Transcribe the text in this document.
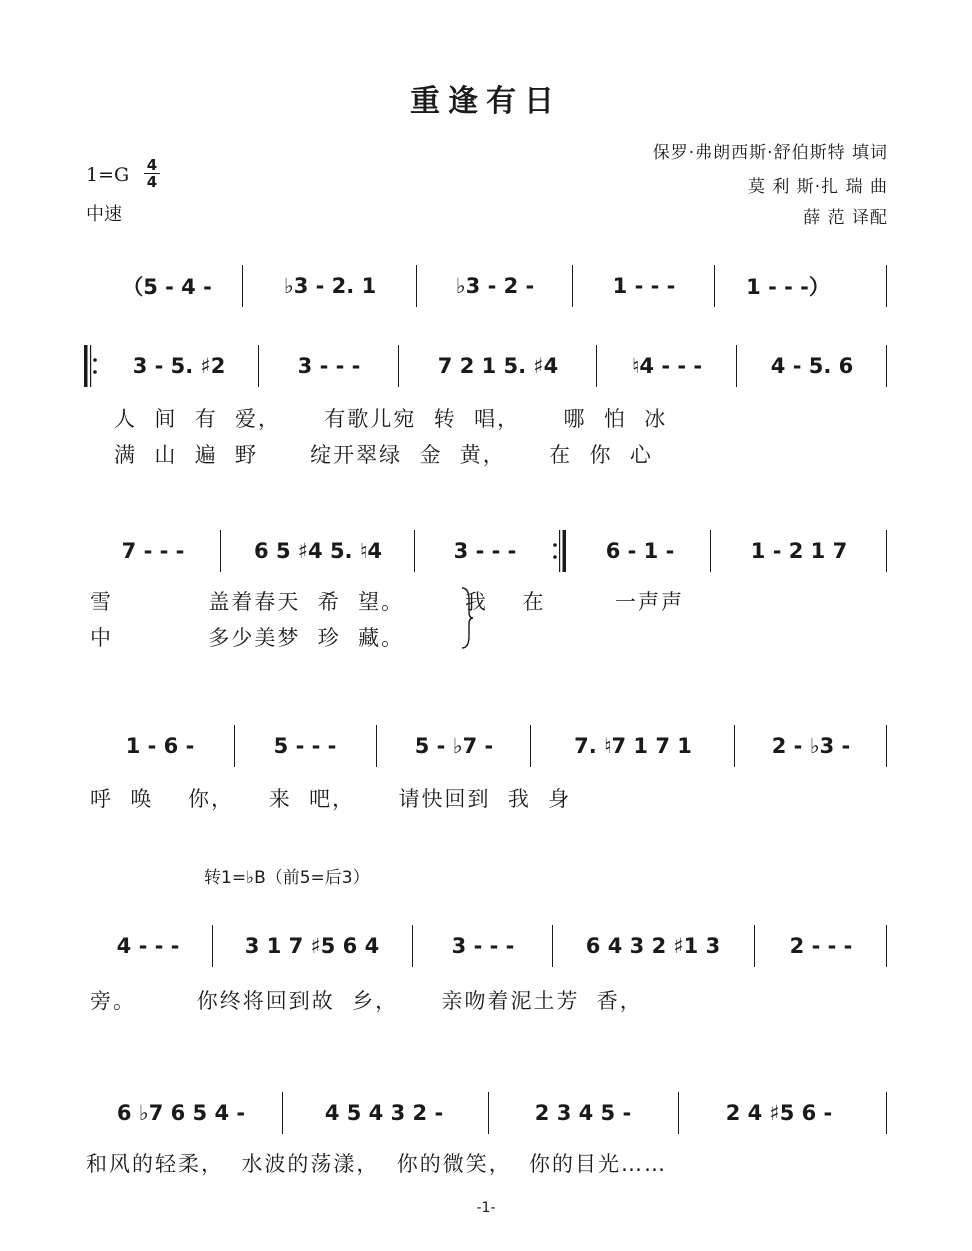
重逢有日
1=G	4
4
中速
保罗·弗朗西斯·舒伯斯特 填词
莫 利 斯·扎 瑞 曲
薛 范 译配
（5 - 4 -	♭3 - 2. 1	♭3 - 2 -	1 - - -	1 - - -）
3 - 5. ♯2	3 - - -	7 2 1 5. ♯4	♮4 - - -	4 - 5. 6
人  间  有  爱，     有歌儿宛  转  唱，     哪  怕  冰
满  山  遍  野      绽开翠绿  金  黄，     在  你  心
7 - - -	6 5 ♯4 5. ♮4	3 - - -	6 - 1 -	1 - 2 1 7
雪           盖着春天  希  望。       我    在        一声声
中           多少美梦  珍  藏。
1 - 6 -	5 - - -	5 - ♭7 -	7. ♮7 1 7 1	2 - ♭3 -
呼  唤    你，    来  吧，     请快回到  我  身
转1=♭B（前5=后3）
4 - - -	3 1 7 ♯5 6 4	3 - - -	6 4 3 2 ♯1 3	2 - - -
旁。       你终将回到故  乡，     亲吻着泥土芳  香，
6 ♭7 6 5 4 -	4 5 4 3 2 -	2 3 4 5 -	2 4 ♯5 6 -
和风的轻柔，  水波的荡漾，  你的微笑，  你的目光……
-1-
